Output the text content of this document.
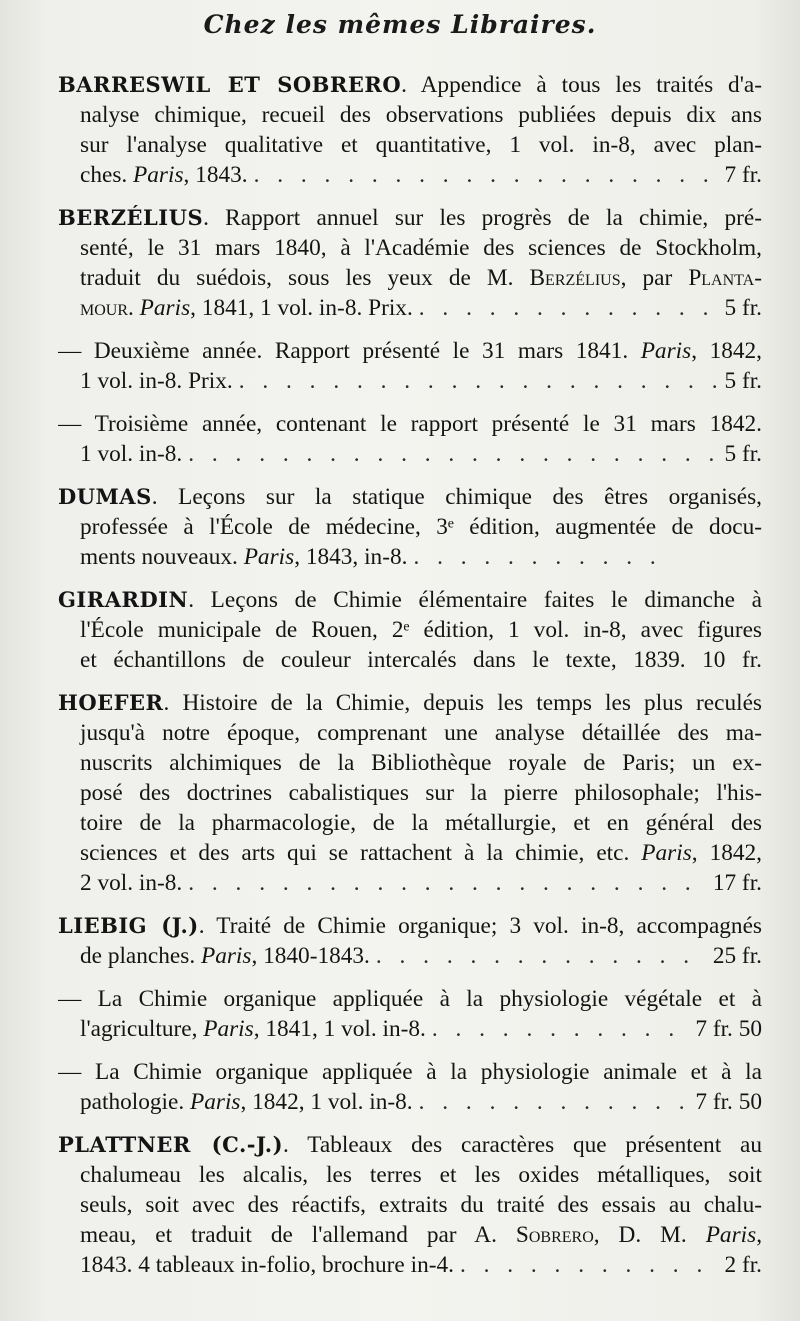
Chez les mêmes Libraires.
BARRESWIL ET SOBRERO. Appendice à tous les traités d'a-
nalyse chimique, recueil des observations publiées depuis dix ans
sur l'analyse qualitative et quantitative, 1 vol. in-8, avec plan-
ches. Paris, 1843. . . .	7 fr.
BERZÉLIUS. Rapport annuel sur les progrès de la chimie, pré-
senté, le 31 mars 1840, à l'Académie des sciences de Stockholm,
traduit du suédois, sous les yeux de M. Berzélius, par Planta-
mour. Paris, 1841, 1 vol. in-8. Prix. . . .	5 fr.
— Deuxième année. Rapport présenté le 31 mars 1841. Paris, 1842,
1 vol. in-8. Prix. . . .	5 fr.
— Troisième année, contenant le rapport présenté le 31 mars 1842.
1 vol. in-8. . . .	5 fr.
DUMAS. Leçons sur la statique chimique des êtres organisés,
professée à l'École de médecine, 3ᵉ édition, augmentée de docu-
ments nouveaux. Paris, 1843, in-8.
. . .
GIRARDIN. Leçons de Chimie élémentaire faites le dimanche à
l'École municipale de Rouen, 2ᵉ édition, 1 vol. in-8, avec figures
et échantillons de couleur intercalés dans le texte, 1839. 10 fr.
HOEFER. Histoire de la Chimie, depuis les temps les plus reculés
jusqu'à notre époque, comprenant une analyse détaillée des ma-
nuscrits alchimiques de la Bibliothèque royale de Paris; un ex-
posé des doctrines cabalistiques sur la pierre philosophale; l'his-
toire de la pharmacologie, de la métallurgie, et en général des
sciences et des arts qui se rattachent à la chimie, etc. Paris, 1842,
2 vol. in-8. . . .	17 fr.
LIEBIG (J.). Traité de Chimie organique; 3 vol. in-8, accompagnés
de planches. Paris, 1840-1843. . . .	25 fr.
— La Chimie organique appliquée à la physiologie végétale et à
l'agriculture, Paris, 1841, 1 vol. in-8. . . .	7 fr. 50
— La Chimie organique appliquée à la physiologie animale et à la
pathologie. Paris, 1842, 1 vol. in-8. . . .	7 fr. 50
PLATTNER (C.-J.). Tableaux des caractères que présentent au
chalumeau les alcalis, les terres et les oxides métalliques, soit
seuls, soit avec des réactifs, extraits du traité des essais au chalu-
meau, et traduit de l'allemand par A. Sobrero, D. M. Paris,
1843. 4 tableaux in-folio, brochure in-4. . . .	2 fr.
